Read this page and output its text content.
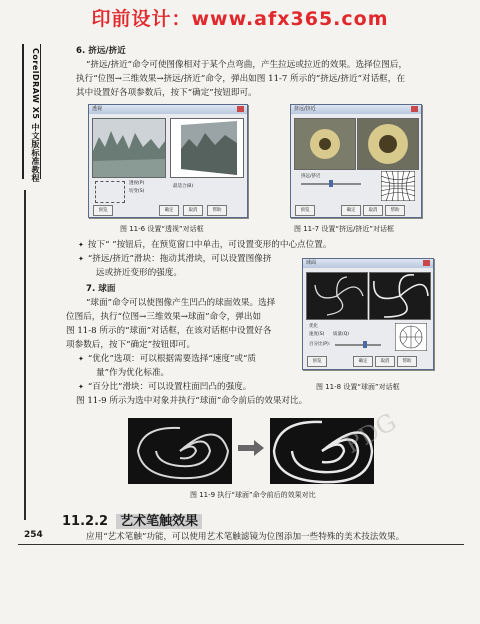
印前设计：www.afx365.com
CorelDRAW X5 中文版标准教程	6. 挤远/挤近
“挤远/挤近”命令可使图像相对于某个点弯曲，产生拉远或拉近的效果。选择位图后，
执行“位图→三维效果→挤远/挤近”命令，弹出如图 11-7 所示的“挤远/挤近”对话框，在
其中设置好各项参数后，按下“确定”按钮即可。
透视
透视(P)
切变(S)
最适合(B)
预览	确定	取消	帮助
挤远/挤近
挤远/挤近
预览	确定	取消	帮助
图 11-6 设置“透视”对话框	图 11-7 设置“挤远/挤近”对话框
✦ 按下“ ”按钮后，在预览窗口中单击，可设置变形的中心点位置。
✦ “挤远/挤近”滑块：拖动其滑块，可以设置图像挤
远或挤近变形的强度。
7. 球面
“球面”命令可以使图像产生凹凸的球面效果。选择
位图后，执行“位图→三维效果→球面”命令，弹出如
图 11-8 所示的“球面”对话框，在该对话框中设置好各
项参数后，按下“确定”按钮即可。
✦ “优化”选项：可以根据需要选择“速度”或“质
量”作为优化标准。
✦ “百分比”滑块：可以设置柱面凹凸的强度。
球面
优化
速度(S) 质量(Q)
百分比(P):
预览	确定	取消	帮助
图 11-8 设置“球面”对话框
图 11-9 所示为选中对象并执行“球面”命令前后的效果对比。
图 11-9 执行“球面”命令前后的效果对比
PDG
11.2.2 艺术笔触效果
254	应用“艺术笔触”功能，可以使用艺术笔触滤镜为位图添加一些特殊的美术技法效果。
